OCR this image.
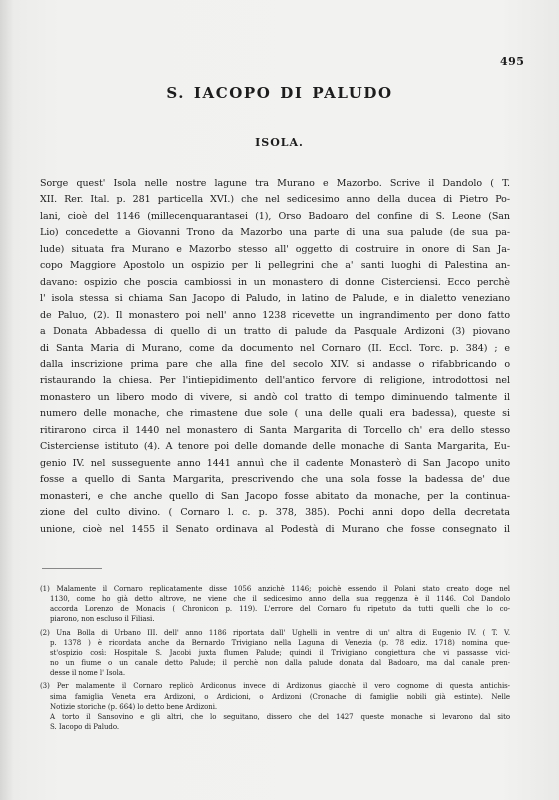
495
S. IACOPO DI PALUDO
ISOLA.
Sorge quest' Isola nelle nostre lagune tra Murano e Mazorbo. Scrive il Dandolo ( T.
XII. Rer. Ital. p. 281 particella XVI.) che nel sedicesimo anno della ducea di Pietro Po-
lani, cioè del 1146 (millecenquarantasei (1), Orso Badoaro del confine di S. Leone (San
Lio) concedette a Giovanni Trono da Mazorbo una parte di una sua palude (de sua pa-
lude) situata fra Murano e Mazorbo stesso all' oggetto di costruire in onore di San Ja-
copo Maggiore Apostolo un ospizio per li pellegrini che a' santi luoghi di Palestina an-
davano: ospizio che poscia cambiossi in un monastero di donne Cisterciensi. Ecco perchè
l' isola stessa si chiama San Jacopo di Paludo, in latino de Palude, e in dialetto veneziano
de Paluo, (2). Il monastero poi nell' anno 1238 ricevette un ingrandimento per dono fatto
a Donata Abbadessa di quello di un tratto di palude da Pasquale Ardizoni (3) piovano
di Santa Maria di Murano, come da documento nel Cornaro (II. Eccl. Torc. p. 384) ; e
dalla inscrizione prima pare che alla fine del secolo XIV. si andasse o rifabbricando o
ristaurando la chiesa. Per l'intiepidimento dell'antico fervore di religione, introdottosi nel
monastero un libero modo di vivere, si andò col tratto di tempo diminuendo talmente il
numero delle monache, che rimastene due sole ( una delle quali era badessa), queste si
ritirarono circa il 1440 nel monastero di Santa Margarita di Torcello ch' era dello stesso
Cisterciense istituto (4). A tenore poi delle domande delle monache di Santa Margarita, Eu-
genio IV. nel susseguente anno 1441 annuì che il cadente Monasterò di San Jacopo unito
fosse a quello di Santa Margarita, prescrivendo che una sola fosse la badessa de' due
monasteri, e che anche quello di San Jacopo fosse abitato da monache, per la continua-
zione del culto divino. ( Cornaro l. c. p. 378, 385). Pochi anni dopo della decretata
unione, cioè nel 1455 il Senato ordinava al Podestà di Murano che fosse consegnato il
(1) Malamente il Cornaro replicatamente disse 1056 anzichè 1146; poichè essendo il Polani stato creato doge nel
1130, come ho già detto altrove, ne viene che il sedicesimo anno della sua reggenza è il 1146. Col Dandolo
accorda Lorenzo de Monacis ( Chronicon p. 119). L'errore del Cornaro fu ripetuto da tutti quelli che lo co-
piarono, non escluso il Filiasi.
(2) Una Bolla di Urbano III. dell' anno 1186 riportata dall' Ughelli in ventre di un' altra di Eugenio IV. ( T. V.
p. 1378 ) è ricordata anche da Bernardo Trivigiano nella Laguna di Venezia (p. 78 ediz. 1718) nomina que-
st'ospizio così: Hospitale S. Jacobi juxta flumen Palude; quindi il Trivigiano congiettura che vi passasse vici-
no un fiume o un canale detto Palude; il perchè non dalla palude donata dal Badoaro, ma dal canale pren-
desse il nome l' Isola.
(3) Per malamente il Cornaro replicò Ardiconus invece di Ardizonus giacchè il vero cognome di questa antichis-
sima famiglia Veneta era Ardizoni, o Ardicioni, o Ardizoni (Cronache di famiglie nobili già estinte). Nelle
Notizie storiche (p. 664) lo detto bene Ardizoni.
A torto il Sansovino e gli altri, che lo seguitano, dissero che del 1427 queste monache si levarono dal sito
S. Iacopo di Paludo.
